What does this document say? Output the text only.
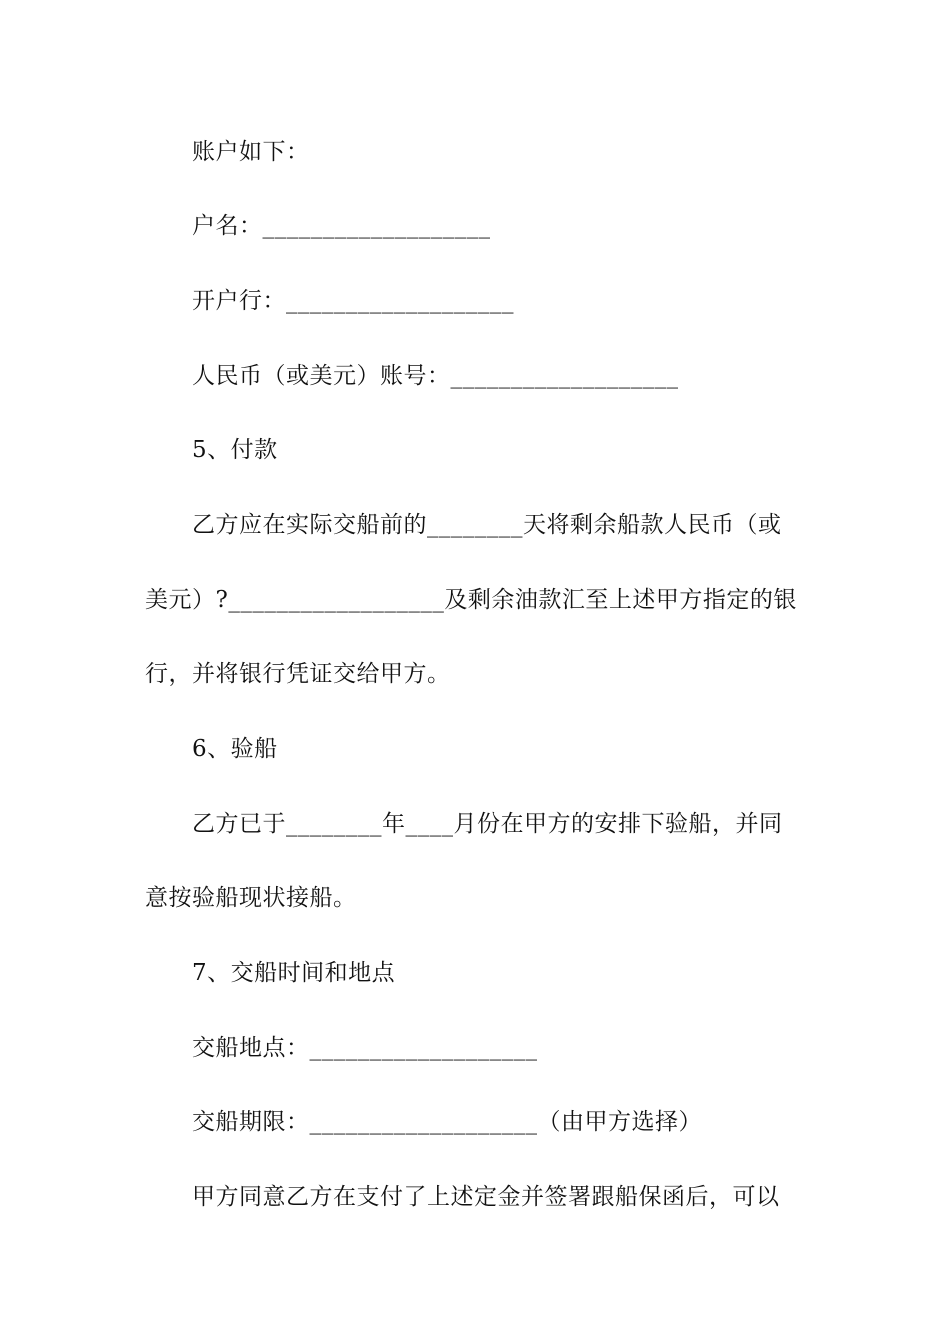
账户如下：
户名：___________________
开户行：___________________
人民币（或美元）账号：___________________
5、付款
乙方应在实际交船前的________天将剩余船款人民币（或
美元）?__________________及剩余油款汇至上述甲方指定的银
行，并将银行凭证交给甲方。
6、验船
乙方已于________年____月份在甲方的安排下验船，并同
意按验船现状接船。
7、交船时间和地点
交船地点：___________________
交船期限：___________________（由甲方选择）
甲方同意乙方在支付了上述定金并签署跟船保函后，可以
